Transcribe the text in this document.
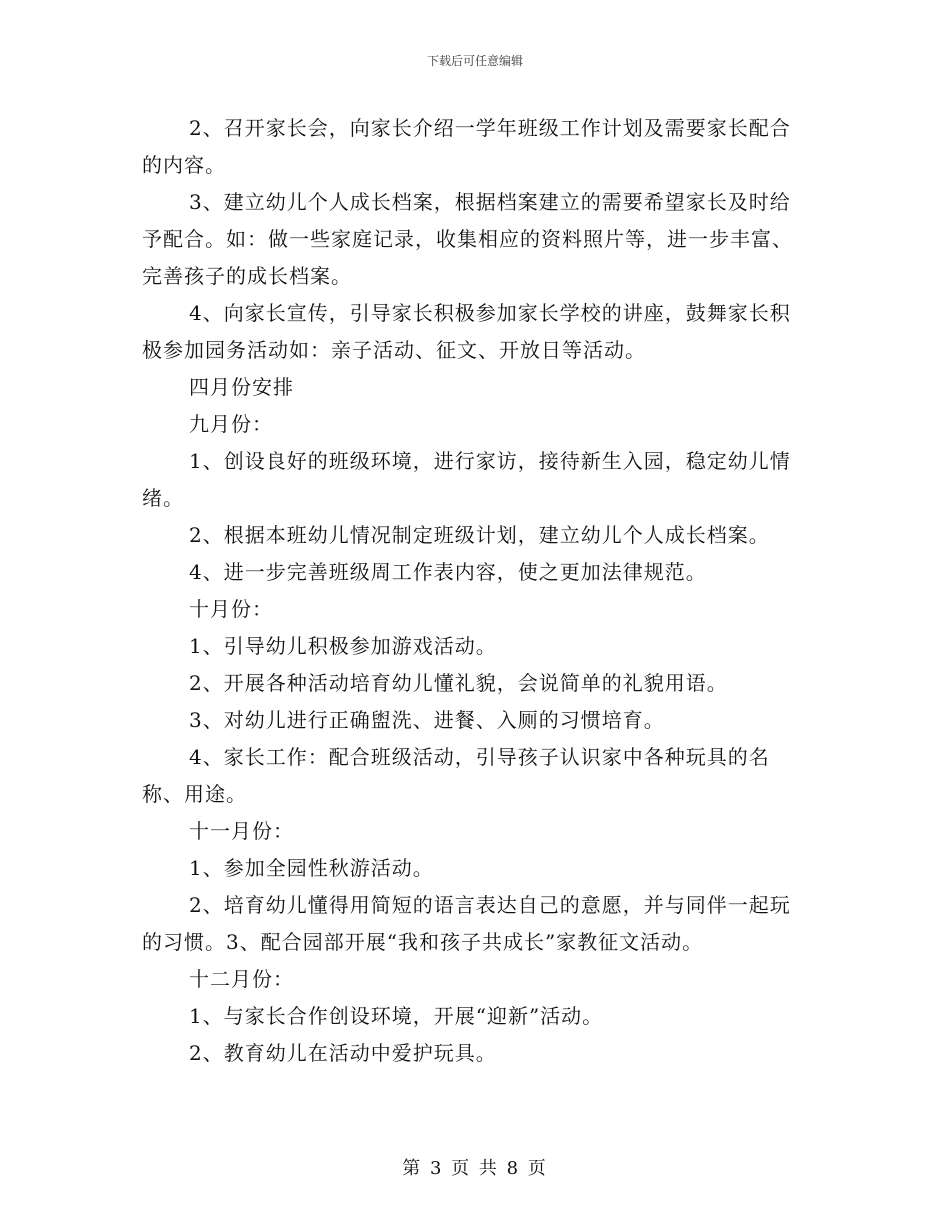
下载后可任意编辑

2、召开家长会，向家长介绍一学年班级工作计划及需要家长配合的内容。

3、建立幼儿个人成长档案，根据档案建立的需要希望家长及时给予配合。如：做一些家庭记录，收集相应的资料照片等，进一步丰富、完善孩子的成长档案。

4、向家长宣传，引导家长积极参加家长学校的讲座，鼓舞家长积极参加园务活动如：亲子活动、征文、开放日等活动。

四月份安排

九月份：

1、创设良好的班级环境，进行家访，接待新生入园，稳定幼儿情绪。

2、根据本班幼儿情况制定班级计划，建立幼儿个人成长档案。

4、进一步完善班级周工作表内容，使之更加法律规范。

十月份：

1、引导幼儿积极参加游戏活动。

2、开展各种活动培育幼儿懂礼貌，会说简单的礼貌用语。

3、对幼儿进行正确盥洗、进餐、入厕的习惯培育。

4、家长工作：配合班级活动，引导孩子认识家中各种玩具的名称、用途。

十一月份：

1、参加全园性秋游活动。

2、培育幼儿懂得用简短的语言表达自己的意愿，并与同伴一起玩的习惯。3、配合园部开展“我和孩子共成长”家教征文活动。

十二月份：

1、与家长合作创设环境，开展“迎新”活动。

2、教育幼儿在活动中爱护玩具。

第 3 页 共 8 页
